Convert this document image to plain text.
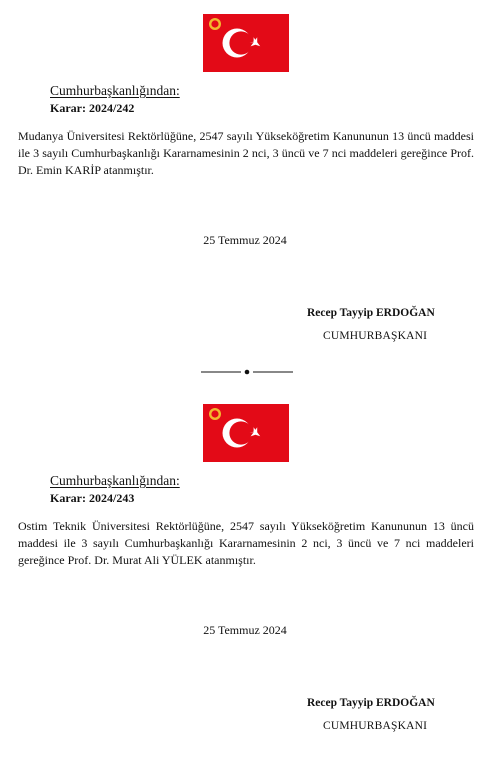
Cumhurbaşkanlığından:
Karar: 2024/242
Mudanya Üniversitesi Rektörlüğüne, 2547 sayılı Yükseköğretim Kanununun 13 üncü maddesi ile 3 sayılı Cumhurbaşkanlığı Kararnamesinin 2 nci, 3 üncü ve 7 nci maddeleri gereğince Prof. Dr. Emin KARİP atanmıştır.
25 Temmuz 2024
Recep Tayyip ERDOĞAN
CUMHURBAŞKANI
Cumhurbaşkanlığından:
Karar: 2024/243
Ostim Teknik Üniversitesi Rektörlüğüne, 2547 sayılı Yükseköğretim Kanununun 13 üncü maddesi ile 3 sayılı Cumhurbaşkanlığı Kararnamesinin 2 nci, 3 üncü ve 7 nci maddeleri gereğince Prof. Dr. Murat Ali YÜLEK atanmıştır.
25 Temmuz 2024
Recep Tayyip ERDOĞAN
CUMHURBAŞKANI
